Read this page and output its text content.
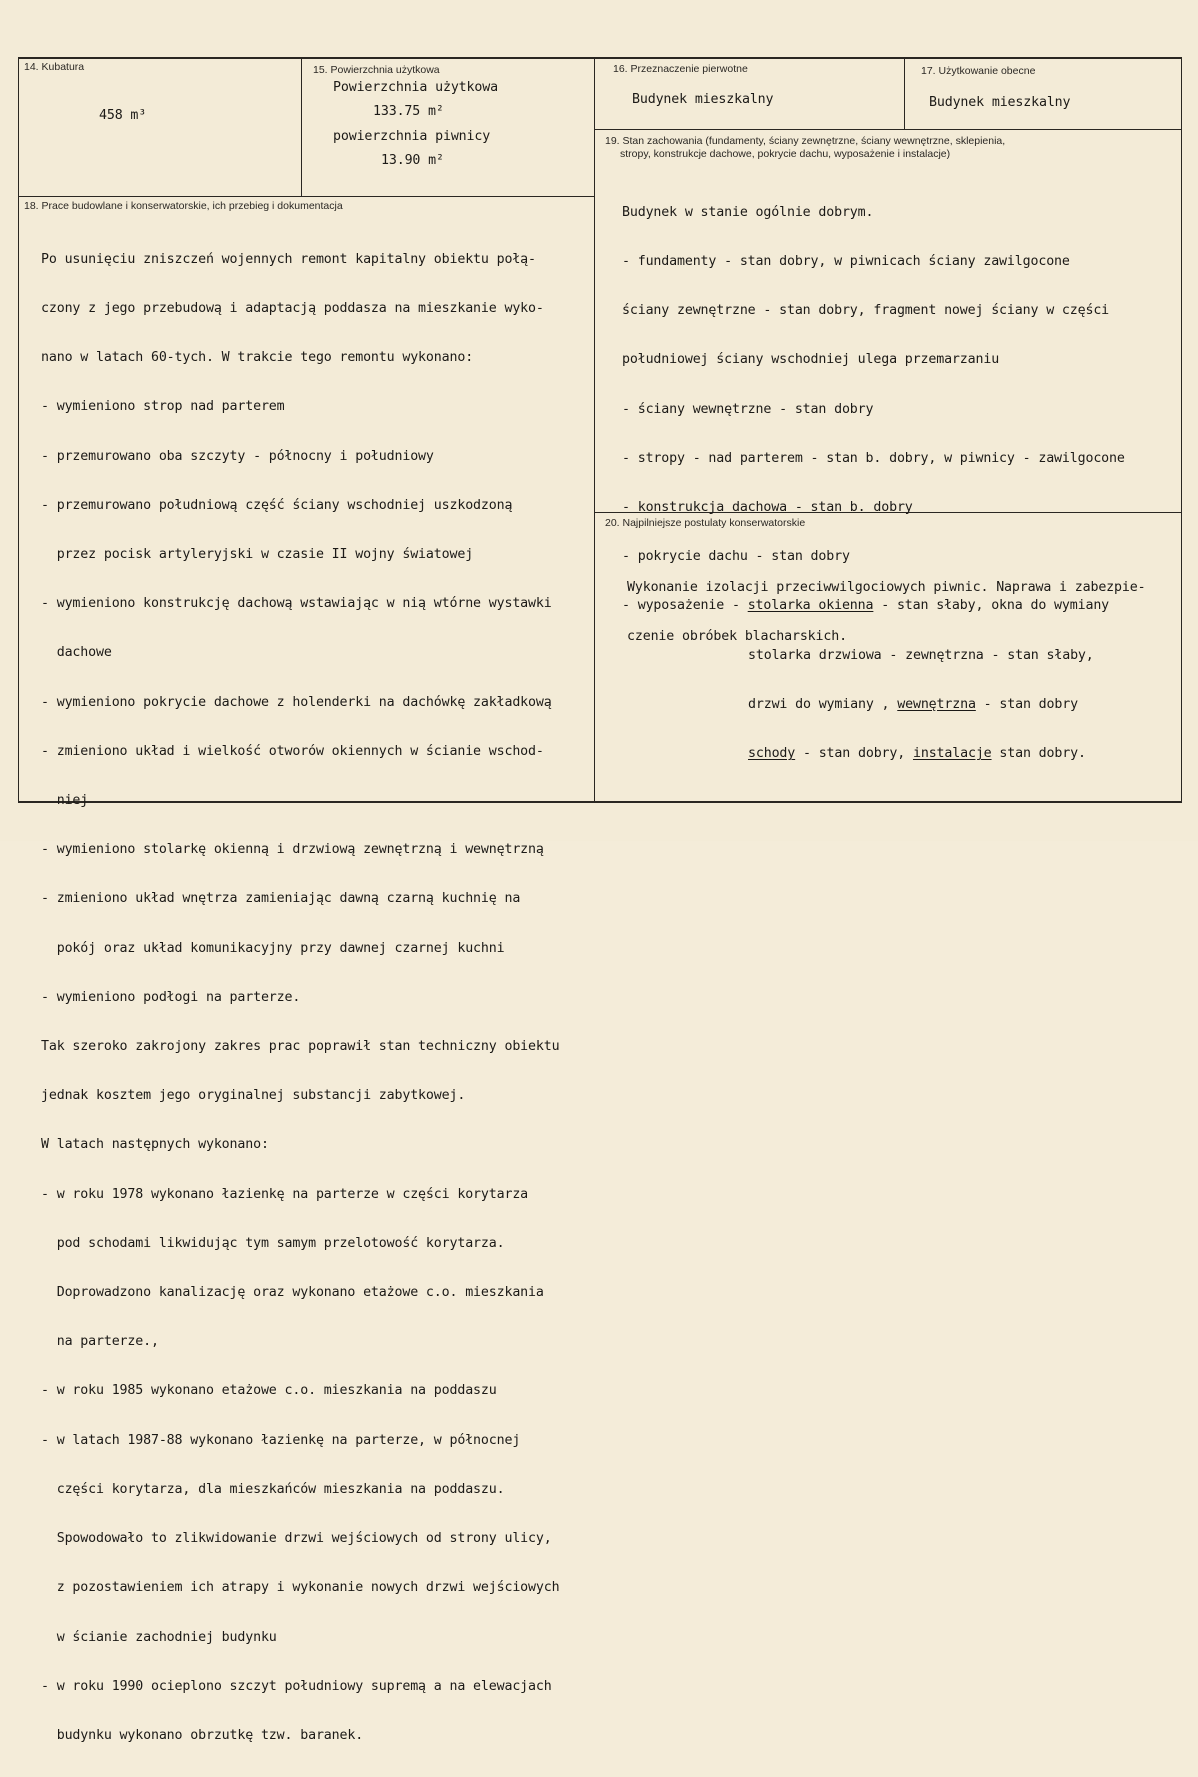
14. Kubatura
458 m³
15. Powierzchnia użytkowa
Powierzchnia użytkowa
133.75 m²
powierzchnia piwnicy
13.90 m²
16. Przeznaczenie pierwotne
Budynek mieszkalny
17. Użytkowanie obecne
Budynek mieszkalny
18. Prace budowlane i konserwatorskie, ich przebieg i dokumentacja

Po usunięciu zniszczeń wojennych remont kapitalny obiektu połą-

czony z jego przebudową i adaptacją poddasza na mieszkanie wyko-

nano w latach 60-tych. W trakcie tego remontu wykonano:

- wymieniono strop nad parterem

- przemurowano oba szczyty - północny i południowy

- przemurowano południową część ściany wschodniej uszkodzoną

przez pocisk artyleryjski w czasie II wojny światowej

- wymieniono konstrukcję dachową wstawiając w nią wtórne wystawki

dachowe

- wymieniono pokrycie dachowe z holenderki na dachówkę zakładkową

- zmieniono układ i wielkość otworów okiennych w ścianie wschod-

niej

- wymieniono stolarkę okienną i drzwiową zewnętrzną i wewnętrzną

- zmieniono układ wnętrza zamieniając dawną czarną kuchnię na

pokój oraz układ komunikacyjny przy dawnej czarnej kuchni

- wymieniono podłogi na parterze.

Tak szeroko zakrojony zakres prac poprawił stan techniczny obiektu

jednak kosztem jego oryginalnej substancji zabytkowej.

W latach następnych wykonano:

- w roku 1978 wykonano łazienkę na parterze w części korytarza

pod schodami likwidując tym samym przelotowość korytarza.

Doprowadzono kanalizację oraz wykonano etażowe c.o. mieszkania

na parterze.,

- w roku 1985 wykonano etażowe c.o. mieszkania na poddaszu

- w latach 1987-88 wykonano łazienkę na parterze, w północnej

części korytarza, dla mieszkańców mieszkania na poddaszu.

Spowodowało to zlikwidowanie drzwi wejściowych od strony ulicy,

z pozostawieniem ich atrapy i wykonanie nowych drzwi wejściowych

w ścianie zachodniej budynku

- w roku 1990 ocieplono szczyt południowy supremą a na elewacjach

budynku wykonano obrzutkę tzw. baranek.

19. Stan zachowania (fundamenty, ściany zewnętrzne, ściany wewnętrzne, sklepienia,
stropy, konstrukcje dachowe, pokrycie dachu, wyposażenie i instalacje)

Budynek w stanie ogólnie dobrym.

- fundamenty - stan dobry, w piwnicach ściany zawilgocone

ściany zewnętrzne - stan dobry, fragment nowej ściany w części

południowej ściany wschodniej ulega przemarzaniu

- ściany wewnętrzne - stan dobry

- stropy - nad parterem - stan b. dobry, w piwnicy - zawilgocone

- konstrukcja dachowa - stan b. dobry

- pokrycie dachu - stan dobry

- wyposażenie - stolarka okienna - stan słaby, okna do wymiany

stolarka drzwiowa - zewnętrzna - stan słaby,

drzwi do wymiany , wewnętrzna - stan dobry

schody - stan dobry, instalacje stan dobry.

20. Najpilniejsze postulaty konserwatorskie

Wykonanie izolacji przeciwwilgociowych piwnic. Naprawa i zabezpie-

czenie obróbek blacharskich.
